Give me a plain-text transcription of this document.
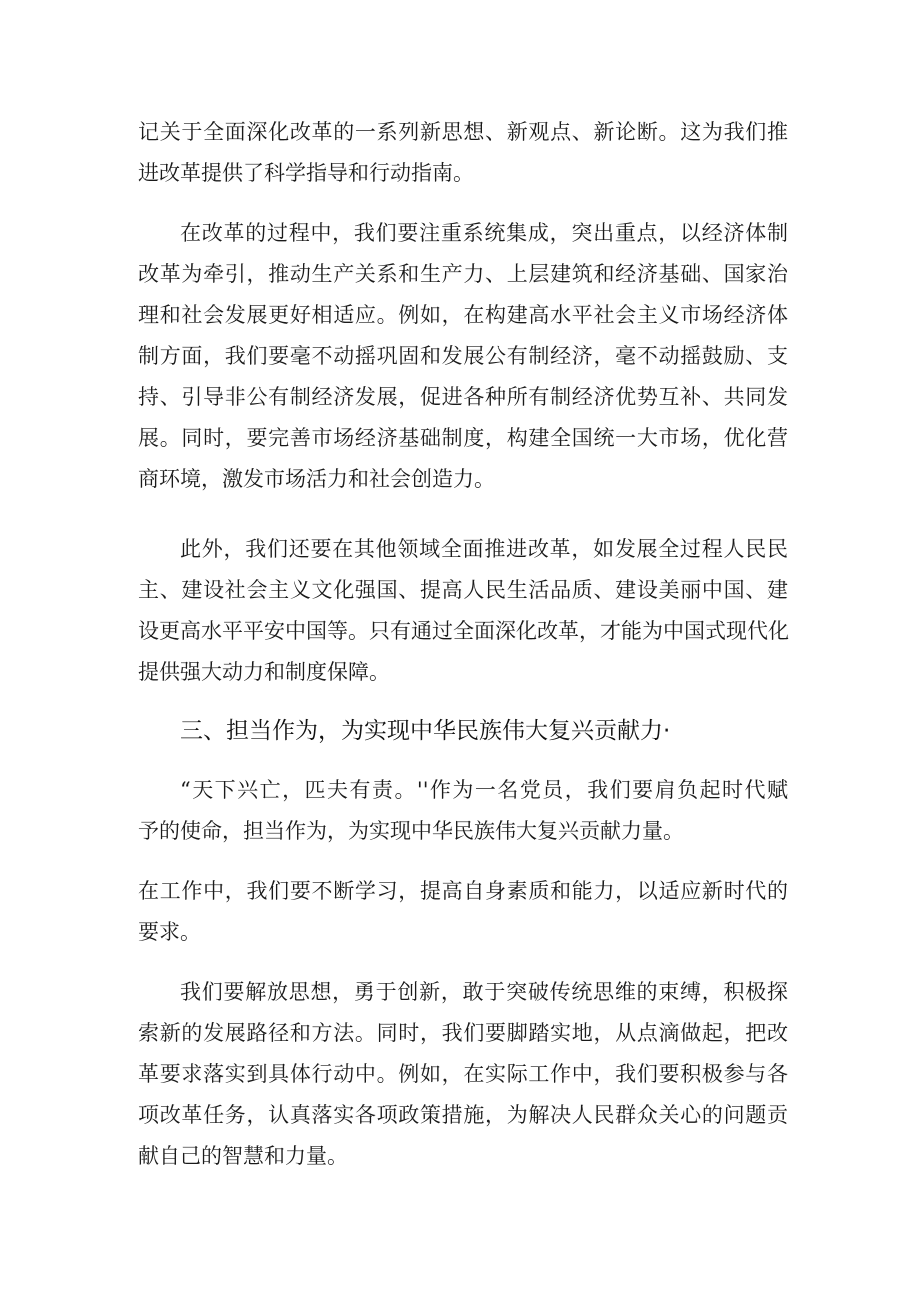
记关于全面深化改革的一系列新思想、新观点、新论断。这为我们推
进改革提供了科学指导和行动指南。
在改革的过程中，我们要注重系统集成，突出重点，以经济体制
改革为牵引，推动生产关系和生产力、上层建筑和经济基础、国家治
理和社会发展更好相适应。例如，在构建高水平社会主义市场经济体
制方面，我们要毫不动摇巩固和发展公有制经济，毫不动摇鼓励、支
持、引导非公有制经济发展，促进各种所有制经济优势互补、共同发
展。同时，要完善市场经济基础制度，构建全国统一大市场，优化营
商环境，激发市场活力和社会创造力。
此外，我们还要在其他领域全面推进改革，如发展全过程人民民
主、建设社会主义文化强国、提高人民生活品质、建设美丽中国、建
设更高水平平安中国等。只有通过全面深化改革，才能为中国式现代化
提供强大动力和制度保障。
三、担当作为，为实现中华民族伟大复兴贡献力·
“天下兴亡，匹夫有责。''作为一名党员，我们要肩负起时代赋
予的使命，担当作为，为实现中华民族伟大复兴贡献力量。
在工作中，我们要不断学习，提高自身素质和能力，以适应新时代的
要求。
我们要解放思想，勇于创新，敢于突破传统思维的束缚，积极探
索新的发展路径和方法。同时，我们要脚踏实地，从点滴做起，把改
革要求落实到具体行动中。例如，在实际工作中，我们要积极参与各
项改革任务，认真落实各项政策措施，为解决人民群众关心的问题贡
献自己的智慧和力量。
